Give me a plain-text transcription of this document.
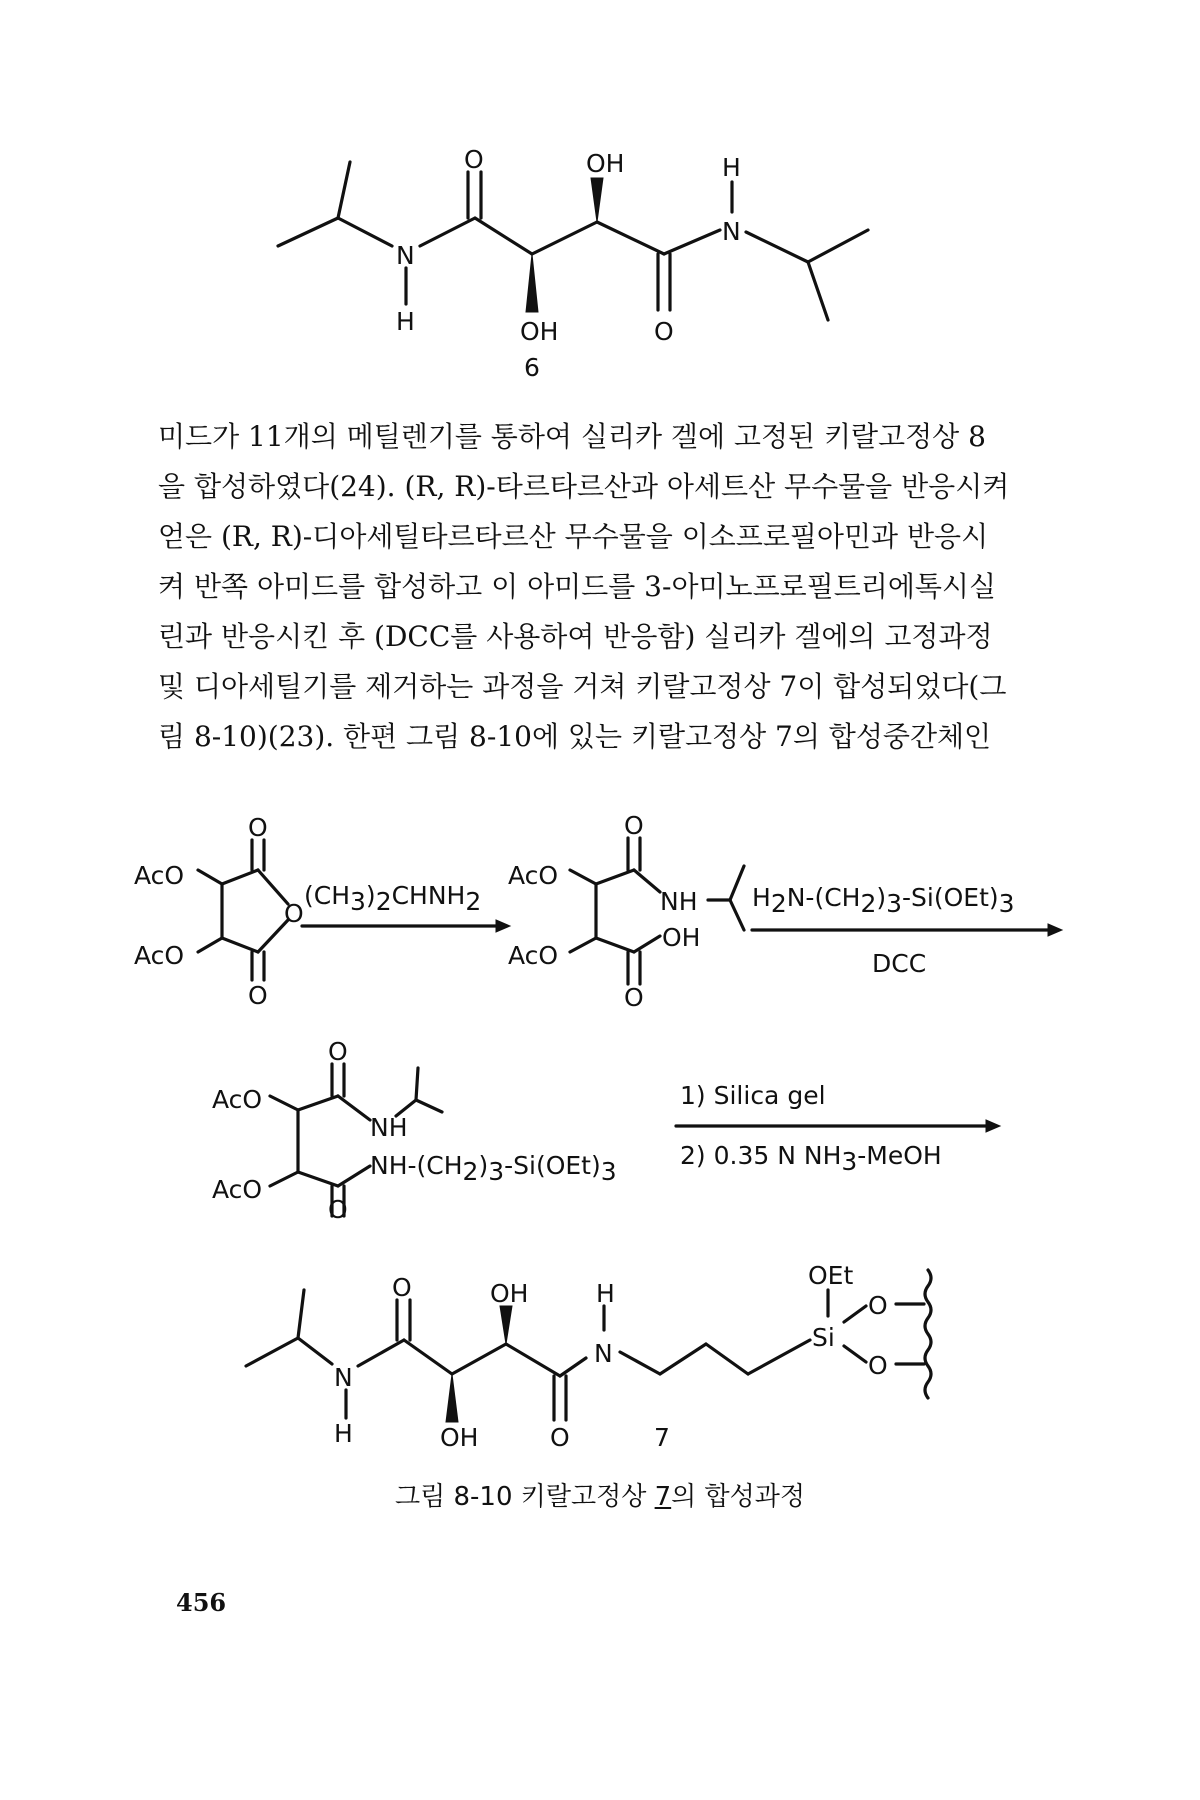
N
H
O
OH
OH
O
H
N
6

미드가 11개의 메틸렌기를 통하여 실리카 겔에 고정된 키랄고정상 8

을 합성하였다(24). (R, R)-타르타르산과 아세트산 무수물을 반응시켜

얻은 (R, R)-디아세틸타르타르산 무수물을 이소프로필아민과 반응시

켜 반쪽 아미드를 합성하고 이 아미드를 3-아미노프로필트리에톡시실

린과 반응시킨 후 (DCC를 사용하여 반응함) 실리카 겔에의 고정과정

및 디아세틸기를 제거하는 과정을 거쳐 키랄고정상 7이 합성되었다(그

림 8-10)(23). 한편 그림 8-10에 있는 키랄고정상 7의 합성중간체인

AcO
AcO
O
O
O
(CH3)2CHNH2
AcO
AcO
O
NH
OH
O
H2N-(CH2)3-Si(OEt)3
DCC
AcO
AcO
O
NH
NH-(CH2)3-Si(OEt)3
O
1) Silica gel
2) 0.35 N NH3-MeOH
N
H
O
OH
OH
O
H
N
OEt
Si
O
O
7
그림 8-10 키랄고정상 7의 합성과정
456
